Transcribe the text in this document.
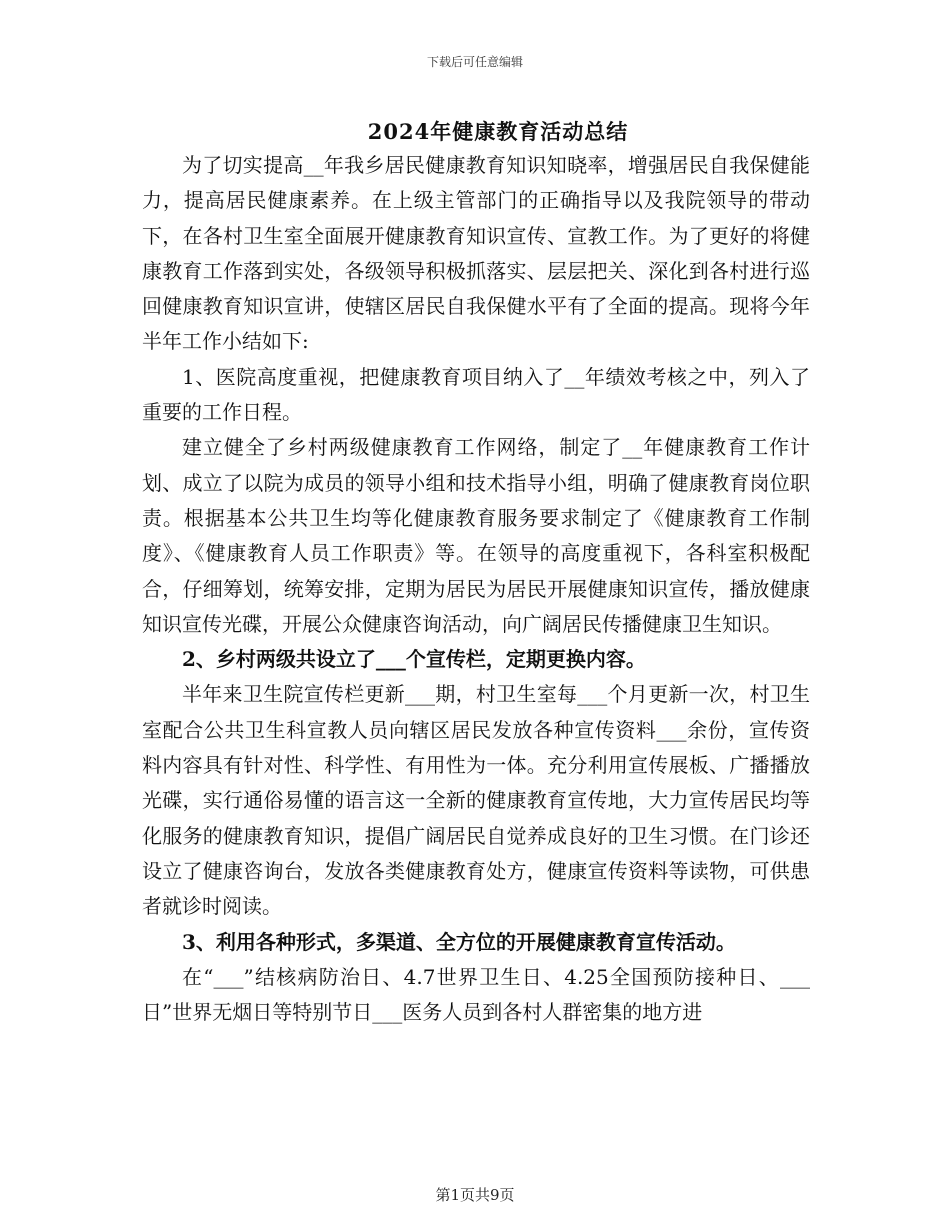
下载后可任意编辑
2024年健康教育活动总结

为了切实提高__年我乡居民健康教育知识知晓率，增强居民自我保健能力，提高居民健康素养。在上级主管部门的正确指导以及我院领导的带动下，在各村卫生室全面展开健康教育知识宣传、宣教工作。为了更好的将健康教育工作落到实处，各级领导积极抓落实、层层把关、深化到各村进行巡回健康教育知识宣讲，使辖区居民自我保健水平有了全面的提高。现将今年半年工作小结如下:

1、医院高度重视，把健康教育项目纳入了__年绩效考核之中，列入了重要的工作日程。

建立健全了乡村两级健康教育工作网络，制定了__年健康教育工作计划、成立了以院为成员的领导小组和技术指导小组，明确了健康教育岗位职责。根据基本公共卫生均等化健康教育服务要求制定了《健康教育工作制度》、《健康教育人员工作职责》等。在领导的高度重视下，各科室积极配合，仔细筹划，统筹安排，定期为居民为居民开展健康知识宣传，播放健康知识宣传光碟，开展公众健康咨询活动，向广阔居民传播健康卫生知识。

2、乡村两级共设立了___个宣传栏，定期更换内容。

半年来卫生院宣传栏更新___期，村卫生室每___个月更新一次，村卫生室配合公共卫生科宣教人员向辖区居民发放各种宣传资料___余份，宣传资料内容具有针对性、科学性、有用性为一体。充分利用宣传展板、广播播放光碟，实行通俗易懂的语言这一全新的健康教育宣传地，大力宣传居民均等化服务的健康教育知识，提倡广阔居民自觉养成良好的卫生习惯。在门诊还设立了健康咨询台，发放各类健康教育处方，健康宣传资料等读物，可供患者就诊时阅读。

3、利用各种形式，多渠道、全方位的开展健康教育宣传活动。

在“___”结核病防治日、4.7世界卫生日、4.25全国预防接种日、___日”世界无烟日等特别节日___医务人员到各村人群密集的地方进

第1页共9页
